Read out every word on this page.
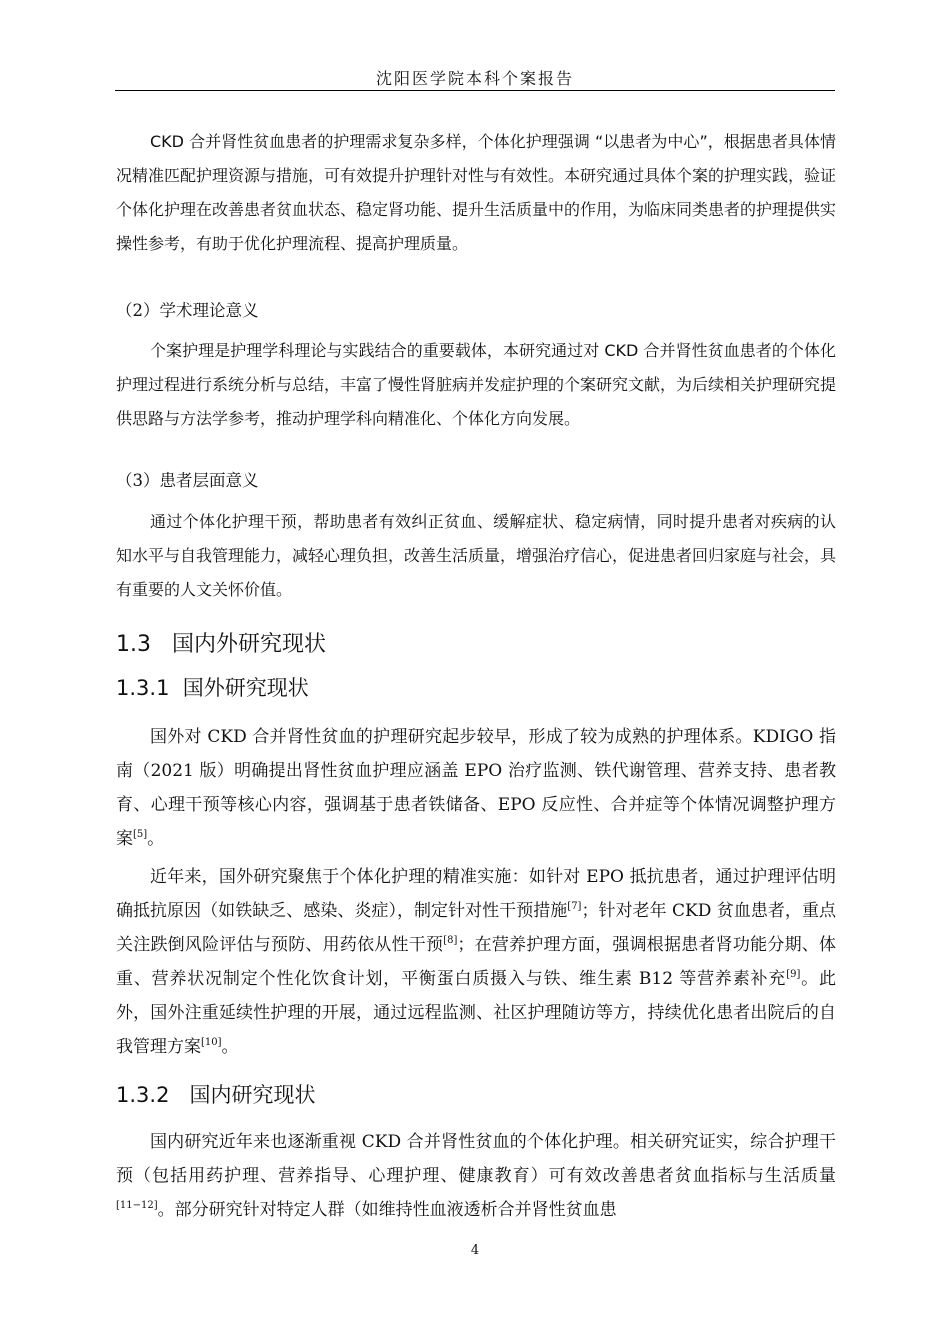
沈阳医学院本科个案报告
CKD 合并肾性贫血患者的护理需求复杂多样，个体化护理强调 “以患者为中心”，根据患者具体情况精准匹配护理资源与措施，可有效提升护理针对性与有效性。本研究通过具体个案的护理实践，验证个体化护理在改善患者贫血状态、稳定肾功能、提升生活质量中的作用，为临床同类患者的护理提供实操性参考，有助于优化护理流程、提高护理质量。
（2）学术理论意义
个案护理是护理学科理论与实践结合的重要载体，本研究通过对 CKD 合并肾性贫血患者的个体化护理过程进行系统分析与总结，丰富了慢性肾脏病并发症护理的个案研究文献，为后续相关护理研究提供思路与方法学参考，推动护理学科向精准化、个体化方向发展。
（3）患者层面意义
通过个体化护理干预，帮助患者有效纠正贫血、缓解症状、稳定病情，同时提升患者对疾病的认知水平与自我管理能力，减轻心理负担，改善生活质量，增强治疗信心，促进患者回归家庭与社会，具有重要的人文关怀价值。
1.3   国内外研究现状
1.3.1  国外研究现状
国外对 CKD 合并肾性贫血的护理研究起步较早，形成了较为成熟的护理体系。KDIGO 指南（2021 版）明确提出肾性贫血护理应涵盖 EPO 治疗监测、铁代谢管理、营养支持、患者教育、心理干预等核心内容，强调基于患者铁储备、EPO 反应性、合并症等个体情况调整护理方案[5]。
近年来，国外研究聚焦于个体化护理的精准实施：如针对 EPO 抵抗患者，通过护理评估明确抵抗原因（如铁缺乏、感染、炎症），制定针对性干预措施[7]；针对老年 CKD 贫血患者，重点关注跌倒风险评估与预防、用药依从性干预[8]；在营养护理方面，强调根据患者肾功能分期、体重、营养状况制定个性化饮食计划，平衡蛋白质摄入与铁、维生素 B12 等营养素补充[9]。此外，国外注重延续性护理的开展，通过远程监测、社区护理随访等方，持续优化患者出院后的自我管理方案[10]。
1.3.2   国内研究现状
国内研究近年来也逐渐重视 CKD 合并肾性贫血的个体化护理。相关研究证实，综合护理干预（包括用药护理、营养指导、心理护理、健康教育）可有效改善患者贫血指标与生活质量[11−12]。部分研究针对特定人群（如维持性血液透析合并肾性贫血患
4
